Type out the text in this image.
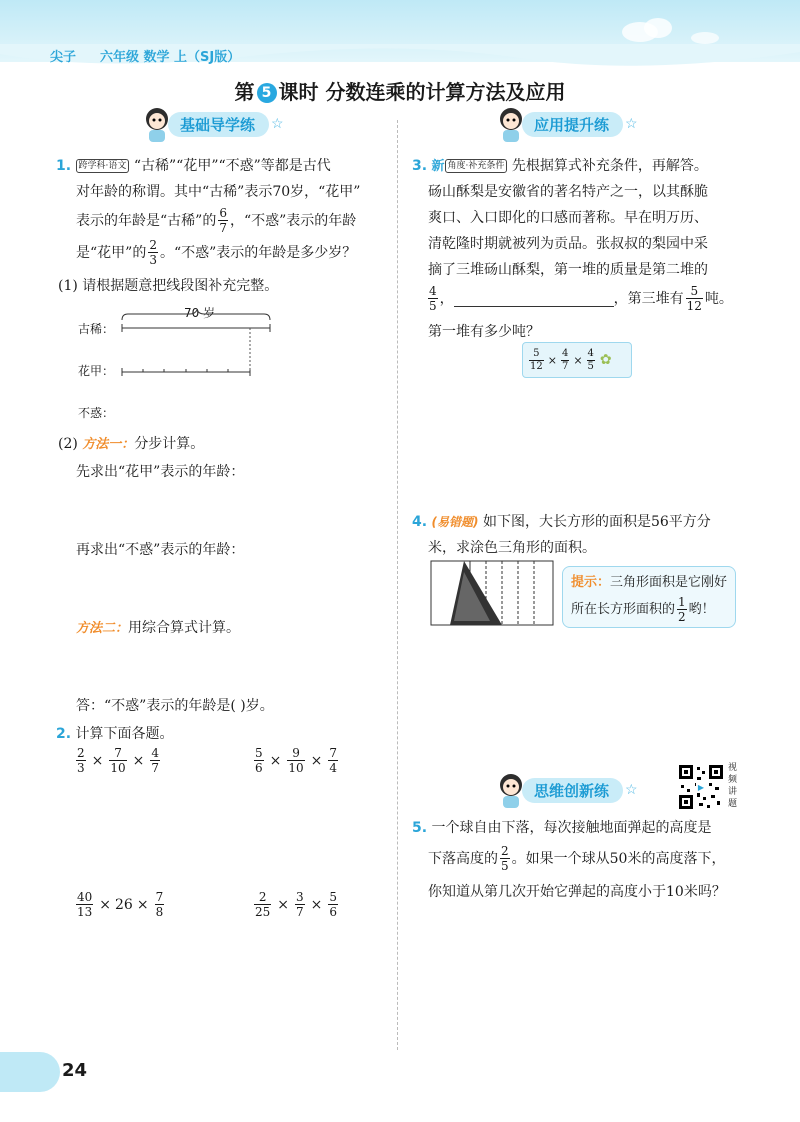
尖子 六年级 数学 上（SJ版）
第 5 课时 分数连乘的计算方法及应用
基础导学练	☆
1. 跨学科·语文 “古稀”“花甲”“不惑”等都是古代
对年龄的称谓。其中“古稀”表示70岁，“花甲”
表示的年龄是“古稀”的 $\frac{6}{7}$ ，“不惑”表示的年龄
是“花甲”的 $\frac{2}{3}$ 。“不惑”表示的年龄是多少岁？
(1) 请根据题意把线段图补充完整。
70 岁
古稀：
花甲：
不惑：
(2) 方法一：分步计算。
先求出“花甲”表示的年龄：
再求出“不惑”表示的年龄：
方法二：用综合算式计算。
答：“不惑”表示的年龄是( )岁。
2. 计算下面各题。
$\frac{2}{3} \times \frac{7}{10} \times \frac{4}{7}$	$\frac{5}{6} \times \frac{9}{10} \times \frac{7}{4}$
$\frac{40}{13} \times 26 \times \frac{7}{8}$	$\frac{2}{25} \times \frac{3}{7} \times \frac{5}{6}$
应用提升练	☆
3. 新 角度·补充条件 先根据算式补充条件，再解答。
砀山酥梨是安徽省的著名特产之一，以其酥脆
爽口、入口即化的口感而著称。早在明万历、
清乾隆时期就被列为贡品。张叔叔的梨园中采
摘了三堆砀山酥梨，第一堆的质量是第二堆的
$\frac{4}{5}$ ，	，第三堆有 $\frac{5}{12}$ 吨。
第一堆有多少吨？
$\frac{5}{12} \times \frac{4}{7} \times \frac{4}{5}$ ✿
4. (易错题) 如下图，大长方形的面积是56平方分
米，求涂色三角形的面积。
提示：三角形面积是它刚好
所在长方形面积的 $\frac{1}{2}$ 哟！
思维创新练	☆	▶
视频讲题
5. 一个球自由下落，每次接触地面弹起的高度是
下落高度的 $\frac{2}{5}$ 。如果一个球从50米的高度落下，
你知道从第几次开始它弹起的高度小于10米吗？
24
